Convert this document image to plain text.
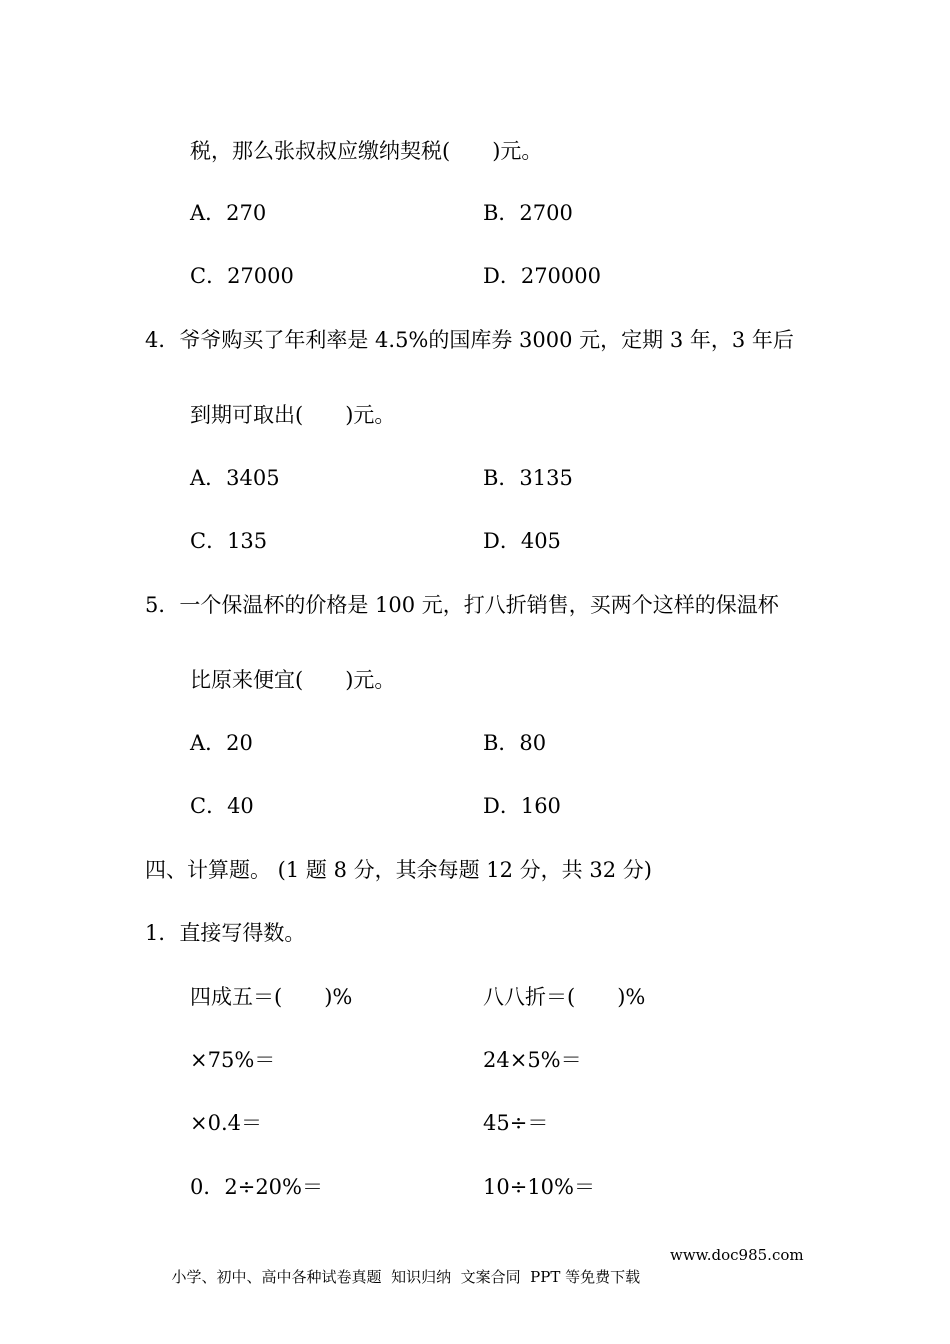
税，那么张叔叔应缴纳契税(　　)元。
A．270	B．2700
C．27000	D．270000
4．爷爷购买了年利率是 4.5%的国库券 3000 元，定期 3 年，3 年后
到期可取出(　　)元。
A．3405	B．3135
C．135	D．405
5．一个保温杯的价格是 100 元，打八折销售，买两个这样的保温杯
比原来便宜(　　)元。
A．20	B．80
C．40	D．160
四、计算题。 (1 题 8 分，其余每题 12 分，共 32 分)
1．直接写得数。
四成五＝(　　)%	八八折＝(　　)%
×75%＝	24×5%＝
×0.4＝	45÷＝
0．2÷20%＝	10÷10%＝

小学、初中、高中各种试卷真题  知识归纳  文案合同  PPT 等免费下载

www.doc985.com
